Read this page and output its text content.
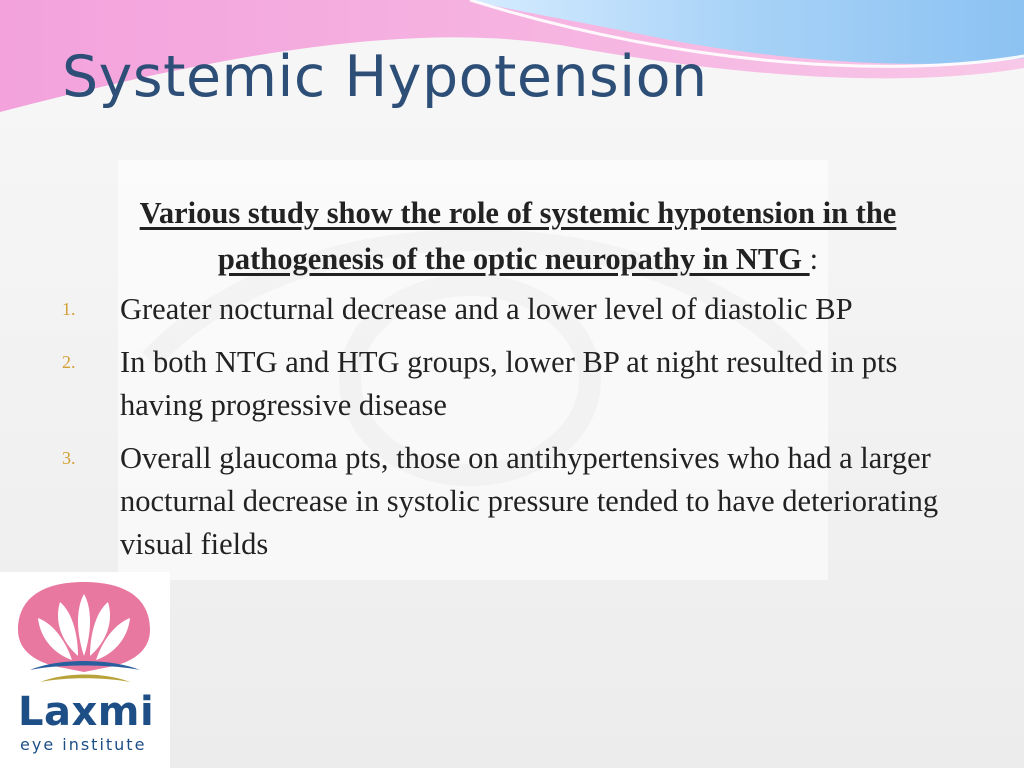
Systemic Hypotension

Various study show the role of systemic hypotension in the pathogenesis of the optic neuropathy in NTG :

1. Greater nocturnal decrease and a lower level of diastolic BP
2. In both NTG and HTG groups, lower BP at night resulted in pts having progressive disease
3. Overall glaucoma pts, those on antihypertensives who had a larger nocturnal decrease in systolic pressure tended to have deteriorating visual fields

Laxmi

eye institute
